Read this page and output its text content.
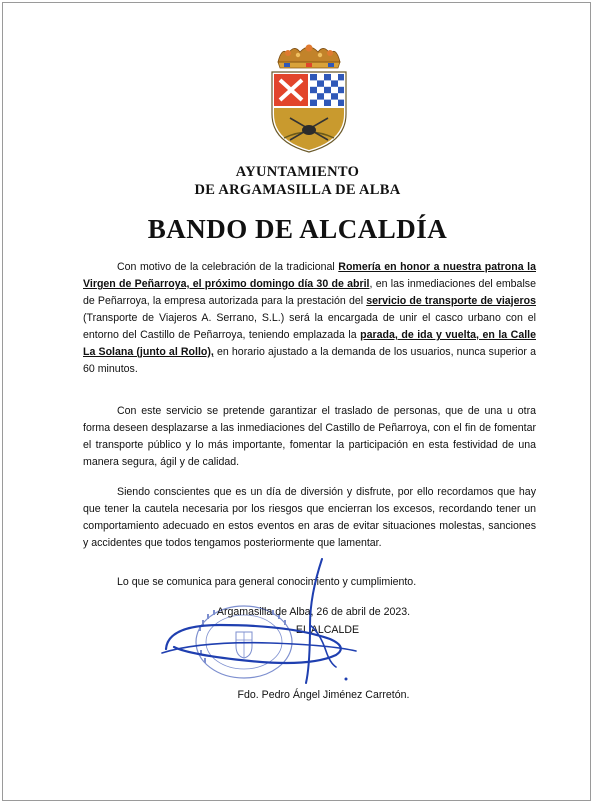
AYUNTAMIENTO
DE ARGAMASILLA DE ALBA
BANDO DE ALCALDÍA
Con motivo de la celebración de la tradicional Romería en honor a nuestra patrona la Virgen de Peñarroya, el próximo domingo día 30 de abril, en las inmediaciones del embalse de Peñarroya, la empresa autorizada para la prestación del servicio de transporte de viajeros (Transporte de Viajeros A. Serrano, S.L.) será la encargada de unir el casco urbano con el entorno del Castillo de Peñarroya, teniendo emplazada la parada, de ida y vuelta, en la Calle La Solana (junto al Rollo), en horario ajustado a la demanda de los usuarios, nunca superior a 60 minutos.
Con este servicio se pretende garantizar el traslado de personas, que de una u otra forma deseen desplazarse a las inmediaciones del Castillo de Peñarroya, con el fin de fomentar el transporte público y lo más importante, fomentar la participación en esta festividad de una manera segura, ágil y de calidad.
Siendo conscientes que es un día de diversión y disfrute, por ello recordamos que hay que tener la cautela necesaria por los riesgos que encierran los excesos, recordando tener un comportamiento adecuado en estos eventos en aras de evitar situaciones molestas, sanciones y accidentes que todos tengamos posteriormente que lamentar.
Lo que se comunica para general conocimiento y cumplimiento.
Argamasilla de Alba, 26 de abril de 2023.
EL ALCALDE
Fdo. Pedro Ángel Jiménez Carretón.
